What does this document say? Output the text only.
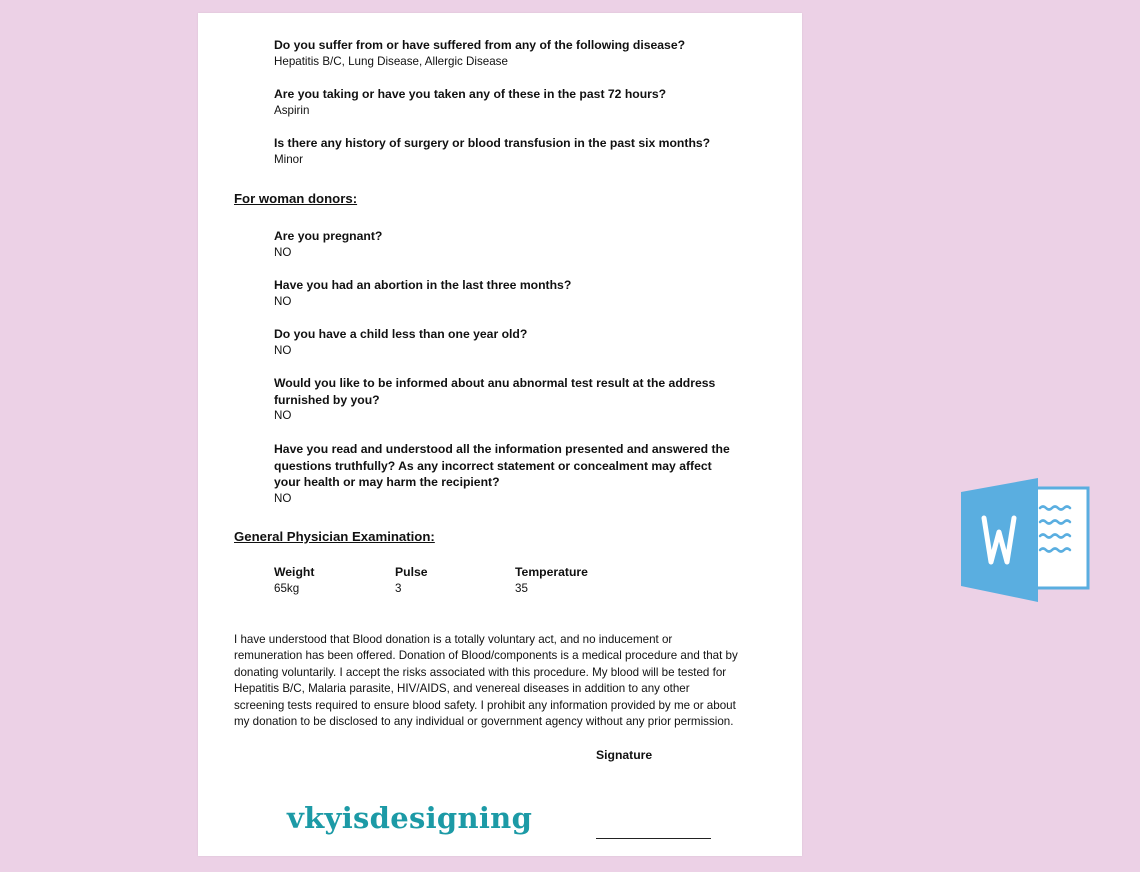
Do you suffer from or have suffered from any of the following disease?
Hepatitis B/C, Lung Disease, Allergic Disease
Are you taking or have you taken any of these in the past 72 hours?
Aspirin
Is there any history of surgery or blood transfusion in the past six months?
Minor
For woman donors:
Are you pregnant?
NO
Have you had an abortion in the last three months?
NO
Do you have a child less than one year old?
NO
Would you like to be informed about anu abnormal test result at the address furnished by you?
NO
Have you read and understood all the information presented and answered the questions truthfully? As any incorrect statement or concealment may affect your health or may harm the recipient?
NO
General Physician Examination:
Weight
65kg
Pulse
3
Temperature
35
I have understood that Blood donation is a totally voluntary act, and no inducement or remuneration has been offered. Donation of Blood/components is a medical procedure and that by donating voluntarily. I accept the risks associated with this procedure. My blood will be tested for Hepatitis B/C, Malaria parasite, HIV/AIDS, and venereal diseases in addition to any other screening tests required to ensure blood safety. I prohibit any information provided by me or about my donation to be disclosed to any individual or government agency without any prior permission.
Signature
vkyisdesigning
